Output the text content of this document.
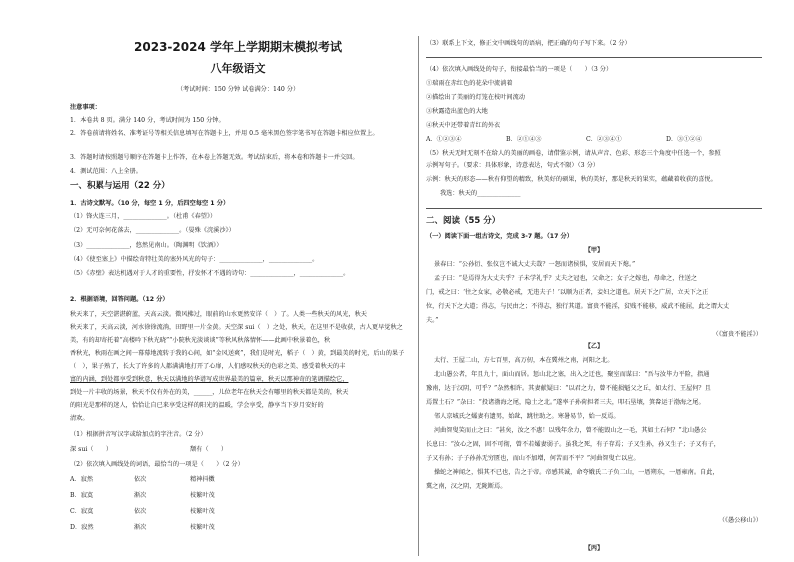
2023-2024 学年上学期期末模拟考试
八年级语文
（考试时间：150 分钟 试卷满分：140 分）
注意事项：
1．本卷共 8 页。满分 140 分，考试时间为 150 分钟。
2．答卷前请将姓名、准考证号等相关信息填写在答题卡上，并用 0.5 毫米黑色签字笔书写在答题卡相应位置上。
3．答题时请按照题号顺序在答题卡上作答，在本卷上答题无效。考试结束后，将本卷和答题卡一并交回。
4．测试范围：八上全册。
一、积累与运用（22 分）
1．古诗文默写。（10 分，每空 1 分，后四空每空 1 分）
（1）锋火连三月，______________。（杜甫《春望》）
（2）无可奈何花落去，______________。（晏殊《浣溪沙》）
（3）______________，悠然见南山。（陶渊明《饮酒》）
（4）《使至塞上》中描绘奇特壮美的塞外风光的句子：______________，______________。
（5）《赤壁》表达机遇对于人才的重要性，抒发怀才不遇的诗句：______________，______________。
2．根据语境，回答问题。（12 分）
秋天来了，天空湛湛蔚蓝，天高云淡。微风拂过，眼前的山水更然安详（　）了。人类一些秋天的风光，秋天
秋天来了，天高云淡，河水徐徐流淌，田野里一片金黄。天空深 sui（　）之处，秋天，在这里不是收获，古人更早觉秋之
美，有的却寄托着“高楼吟下秋光晓”“小院秋光淡谈谈”等秋风秋落情怀——此画中秋景着色，秋
香秋光，秋雨在画之间一幕幕地流转于我的心间，如“金风送爽”，我们是时光，稻子（　）黄，到最美的时光，后山的果子
（　），果子熟了，长大了许多的人都满满地打开了心扉，人们感叹秋天的色彩之美、感受着秋天的丰
富的内涵，到处都享受到秋意，秋天以满地的华谱写成世界最美的篇章，秋天以那神奇的笔调描绘它，
到处一片丰收的场景，秋天不仅有外在的美，______，儿位老年在秋天会有哪里的秋天都是美的，秋天
的阳光是那样的迷人，恰恰让自已来享受这样的阳光的温暖，学会享受，静享当下岁月安好的
清欢。
（1）根据拼音写汉字或给加点的字注音。（2 分）
深 sui（　　）	颓有（　　）
（2）依次填入画线处的词语，最恰当的一项是（　　）（2 分）
A．寂然	依次	精神抖擞
B．寂寞	渐次	枝繁叶茂
C．寂寞	依次	枝繁叶茂
D．寂然	渐次	枝繁叶茂
（3）联系上下文，修正文中画线句的语病，把正确的句子写下来。（2 分）
（4）依次填入画线处的句子，衔接最恰当的一项是（　　）（3 分）
①瑞雨在赤红色的花朵中流淌着
②描绘出了美丽的灯笼在枝叶间流动
③秋露造出蓝色的大地
④秋天中还带着青红的外衣
A．①②③④	B．②①④③	C．②③④①	D．③①②④
（5）秋天无时无刻不在给人的美丽的画卷，请借鉴示例，请从声音、色彩、形态三个角度中任选一个，参照
示例写句子。（要求：具体形象，诗意表达，句式不限）（3 分）
示例：秋天的形态——秋有仰望的精致，秋美好的硕果，秋的美好，那是秋天的果实，蕴藏着收获的喜悦。
我选：秋天的______________
二、阅读（55 分）
（一）阅读下面一组古诗文，完成 3-7 题。（17 分）
【甲】
景春曰：“公孙衍、张仪岂不诚大丈夫哉？一怒而诸侯惧，安居而天下熄。”
孟子曰：“是焉得为大丈夫乎？子未学礼乎？丈夫之冠也，父命之；女子之嫁也，母命之，往送之
门，戒之曰：‘往之女家，必敬必戒，无违夫子！’以顺为正者，妾妇之道也。居天下之广居，立天下之正
位，行天下之大道；得志，与民由之；不得志，独行其道。富贵不能淫，贫贱不能移，威武不能屈，此之谓大丈
夫。”
（《富贵不能淫》）
【乙】
太行、王屋二山，方七百里，高万仞，本在冀州之南，河阳之北。
北山愚公者，年且九十，面山而居。惩山北之塞，出入之迂也，聚室而谋曰：“吾与汝毕力平险，指通
豫南，达于汉阴，可乎？”杂然相许。其妻献疑曰：“以君之力，曾不能损魁父之丘，如太行、王屋何？且
焉置土石？”杂曰：“投诸渤海之尾，隐土之北。”遂率子孙荷担者三夫，叩石垦壤，箕畚运于渤海之尾。
邻人京城氏之孀妻有遗男，始龀，跳往助之。寒暑易节，始一反焉。
河曲智叟笑而止之曰：“甚矣，汝之不惠！以残年余力，曾不能毁山之一毛，其如土石何？”北山愚公
长息曰：“汝心之固，固不可彻，曾不若孀妻弱子。虽我之死，有子存焉；子又生孙，孙又生子；子又有子，
子又有孙；子子孙孙无穷匮也，而山不加增，何苦而不平？”河曲智叟亡以应。
操蛇之神闻之，惧其不已也，告之于帝。帝感其诚，命夸娥氏二子负二山，一厝朔东，一厝雍南。自此，
冀之南，汉之阴，无陇断焉。
（《愚公移山》）
【丙】
